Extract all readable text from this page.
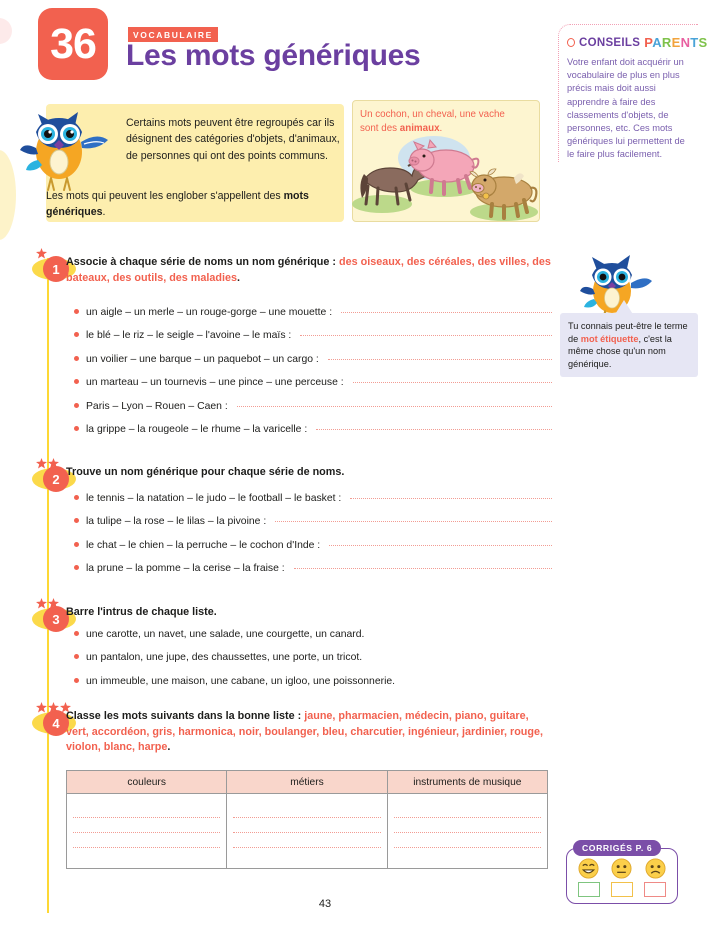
36	VOCABULAIRE
Les mots génériques	CONSEILS PARENTS
Votre enfant doit acquérir un vocabulaire de plus en plus précis mais doit aussi apprendre à faire des classements d'objets, de personnes, etc. Ces mots génériques lui permettent de le faire plus facilement.
Certains mots peuvent être regroupés car ils désignent des catégories d'objets, d'animaux, de personnes qui ont des points communs.
Les mots qui peuvent les englober s'appellent des mots génériques.
Un cochon, un cheval, une vache
sont des animaux.
Tu connais peut-être le terme de mot étiquette, c'est la même chose qu'un nom générique.
1 Associe à chaque série de noms un nom générique : des oiseaux, des céréales, des villes, des bateaux, des outils, des maladies.
un aigle – un merle – un rouge-gorge – une mouette :
le blé – le riz – le seigle – l'avoine – le maïs :
un voilier – une barque – un paquebot – un cargo :
un marteau – un tournevis – une pince – une perceuse :
Paris – Lyon – Rouen – Caen :
la grippe – la rougeole – le rhume – la varicelle :
2 Trouve un nom générique pour chaque série de noms.
le tennis – la natation – le judo – le football – le basket :
la tulipe – la rose – le lilas – la pivoine :
le chat – le chien – la perruche – le cochon d'Inde :
la prune – la pomme – la cerise – la fraise :
3 Barre l'intrus de chaque liste.
une carotte, un navet, une salade, une courgette, un canard.
un pantalon, une jupe, des chaussettes, une porte, un tricot.
un immeuble, une maison, une cabane, un igloo, une poissonnerie.
4 Classe les mots suivants dans la bonne liste : jaune, pharmacien, médecin, piano, guitare, vert, accordéon, gris, harmonica, noir, boulanger, bleu, charcutier, ingénieur, jardinier, rouge, violon, blanc, harpe.
couleurs	métiers	instruments de musique

CORRIGÉS P. 6
43
